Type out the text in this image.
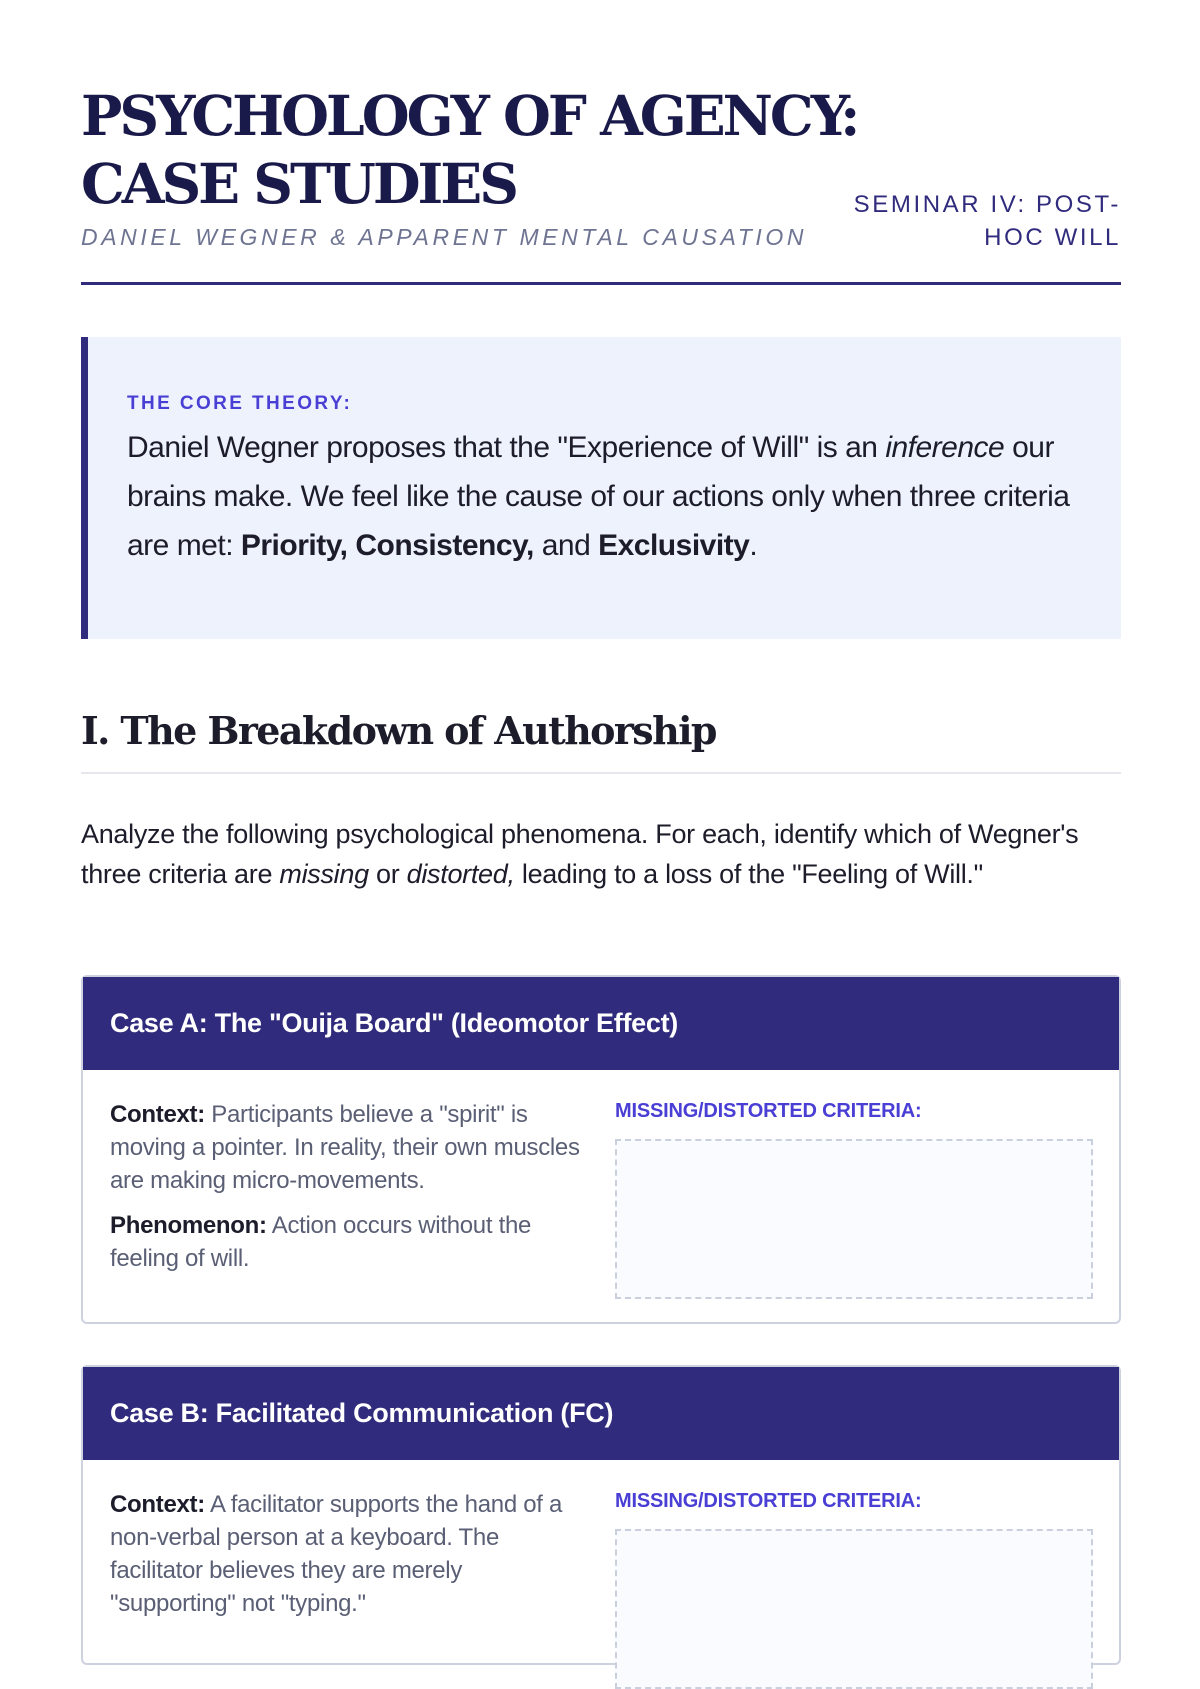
PSYCHOLOGY OF AGENCY:
CASE STUDIES
DANIEL WEGNER & APPARENT MENTAL CAUSATION
SEMINAR IV: POST-
HOC WILL
THE CORE THEORY:
Daniel Wegner proposes that the "Experience of Will" is an inference our brains make. We feel like the cause of our actions only when three criteria are met: Priority, Consistency, and Exclusivity.
I. The Breakdown of Authorship

Analyze the following psychological phenomena. For each, identify which of Wegner's three criteria are missing or distorted, leading to a loss of the "Feeling of Will."

Case A: The "Ouija Board" (Ideomotor Effect)

Context: Participants believe a "spirit" is moving a pointer. In reality, their own muscles are making micro-movements.

Phenomenon: Action occurs without the feeling of will.

MISSING/DISTORTED CRITERIA:
Case B: Facilitated Communication (FC)

Context: A facilitator supports the hand of a non-verbal person at a keyboard. The facilitator believes they are merely "supporting" not "typing."

MISSING/DISTORTED CRITERIA:
